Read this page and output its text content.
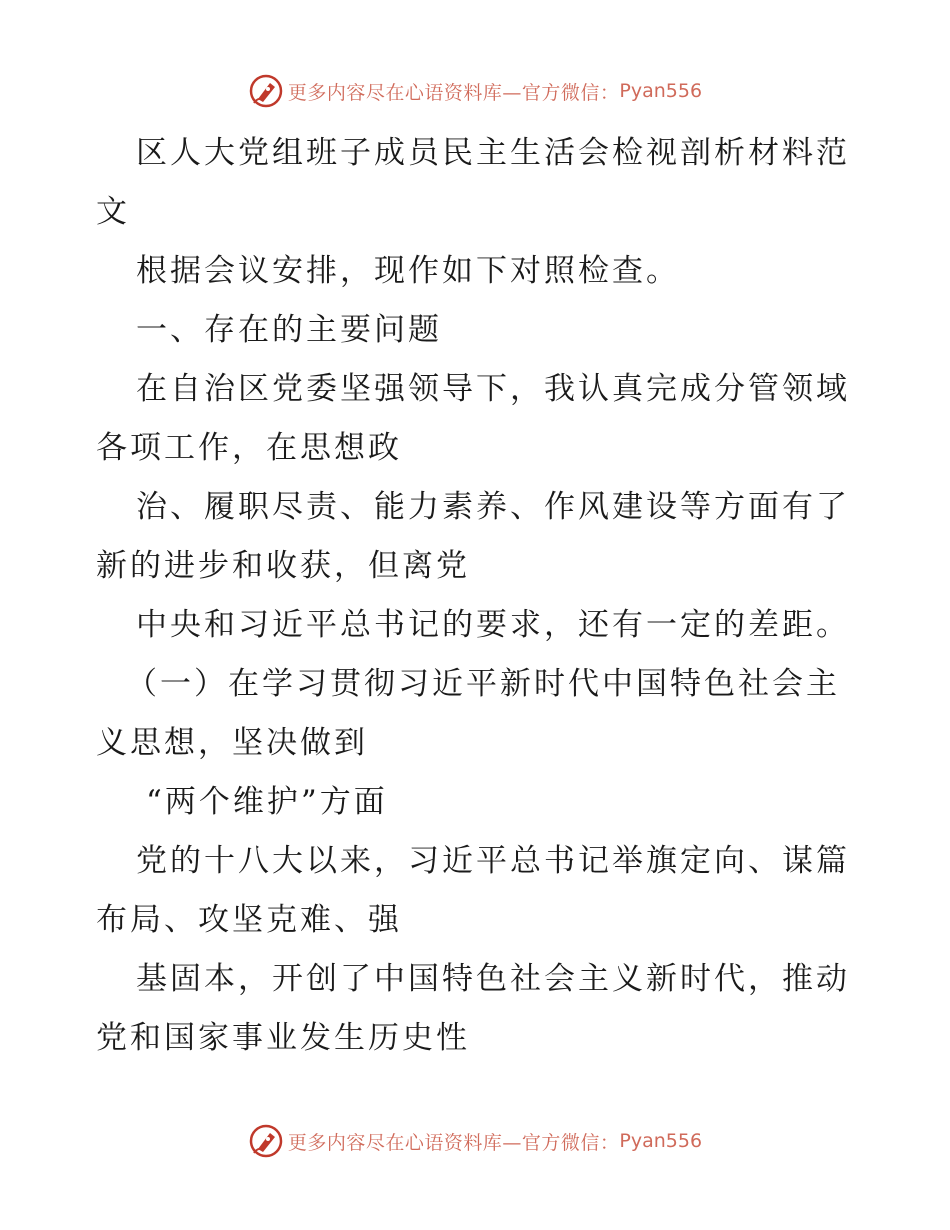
更多内容尽在心语资料库—官方微信： Pyan556
区人大党组班子成员民主生活会检视剖析材料范
文
根据会议安排，现作如下对照检查。
一、存在的主要问题
在自治区党委坚强领导下，我认真完成分管领域
各项工作，在思想政
治、履职尽责、能力素养、作风建设等方面有了
新的进步和收获，但离党
中央和习近平总书记的要求，还有一定的差距。
（一）在学习贯彻习近平新时代中国特色社会主
义思想，坚决做到
“两个维护”方面
党的十八大以来，习近平总书记举旗定向、谋篇
布局、攻坚克难、强
基固本，开创了中国特色社会主义新时代，推动
党和国家事业发生历史性
更多内容尽在心语资料库—官方微信： Pyan556
